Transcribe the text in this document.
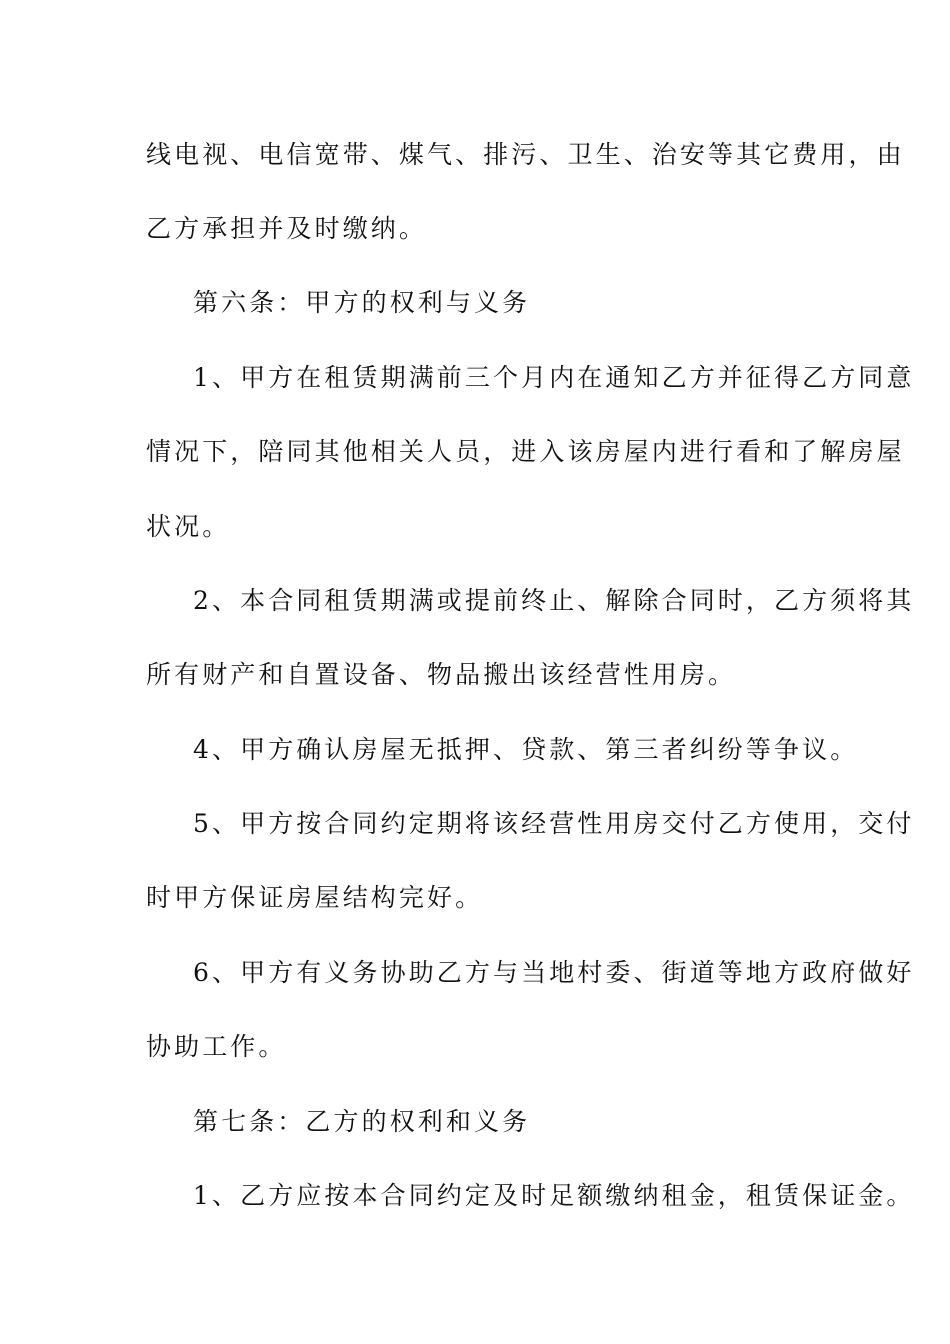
线电视、电信宽带、煤气、排污、卫生、治安等其它费用，由
乙方承担并及时缴纳。
第六条：甲方的权利与义务
1、甲方在租赁期满前三个月内在通知乙方并征得乙方同意
情况下，陪同其他相关人员，进入该房屋内进行看和了解房屋
状况。
2、本合同租赁期满或提前终止、解除合同时，乙方须将其
所有财产和自置设备、物品搬出该经营性用房。
4、甲方确认房屋无抵押、贷款、第三者纠纷等争议。
5、甲方按合同约定期将该经营性用房交付乙方使用，交付
时甲方保证房屋结构完好。
6、甲方有义务协助乙方与当地村委、街道等地方政府做好
协助工作。
第七条：乙方的权利和义务
1、乙方应按本合同约定及时足额缴纳租金，租赁保证金。
